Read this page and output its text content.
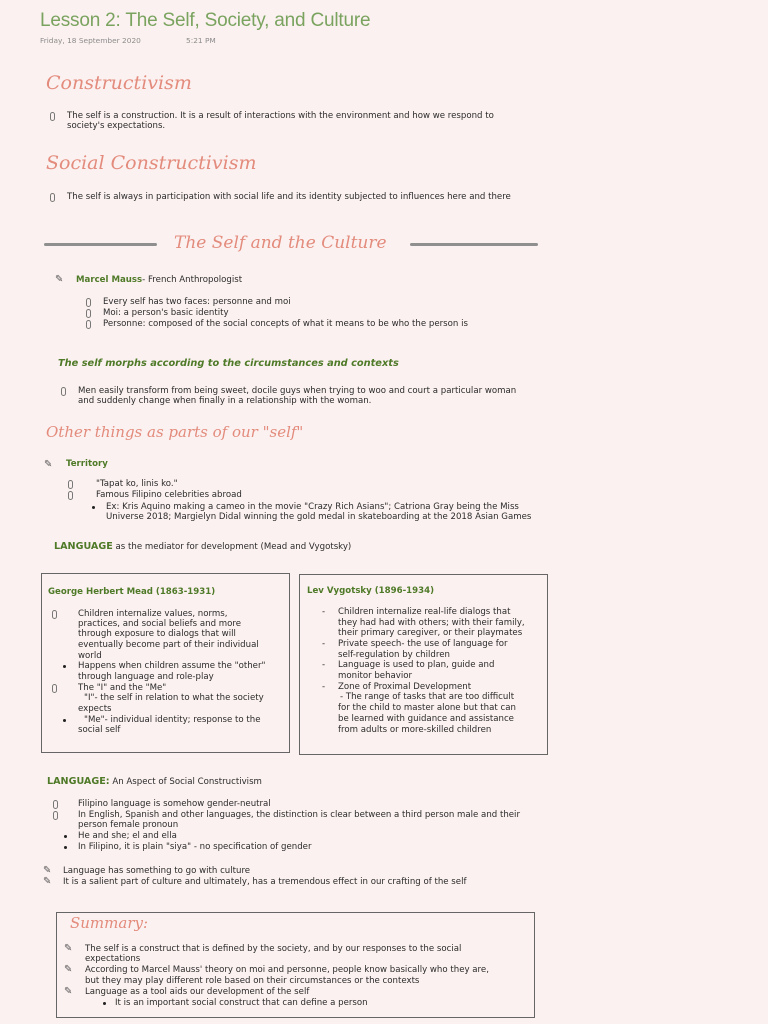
Lesson 2: The Self, Society, and Culture
Friday, 18 September 2020	5:21 PM
Constructivism
The self is a construction. It is a result of interactions with the environment and how we respond to
society's expectations.
Social Constructivism
The self is always in participation with social life and its identity subjected to influences here and there
The Self and the Culture
✎ Marcel Mauss- French Anthropologist
Every self has two faces: personne and moi
Moi: a person's basic identity
Personne: composed of the social concepts of what it means to be who the person is
The self morphs according to the circumstances and contexts
Men easily transform from being sweet, docile guys when trying to woo and court a particular woman
and suddenly change when finally in a relationship with the woman.
Other things as parts of our "self"
✎ Territory
"Tapat ko, linis ko."
Famous Filipino celebrities abroad
Ex: Kris Aquino making a cameo in the movie "Crazy Rich Asians"; Catriona Gray being the Miss
Universe 2018; Margielyn Didal winning the gold medal in skateboarding at the 2018 Asian Games
LANGUAGE as the mediator for development (Mead and Vygotsky)
George Herbert Mead (1863-1931)
Children internalize values, norms,
practices, and social beliefs and more
through exposure to dialogs that will
eventually become part of their individual
world
Happens when children assume the "other"
through language and role-play
The "I" and the "Me"
"I"- the self in relation to what the society
expects
"Me"- individual identity; response to the
social self
Lev Vygotsky (1896-1934)
- Children internalize real-life dialogs that
they had had with others; with their family,
their primary caregiver, or their playmates
- Private speech- the use of language for
self-regulation by children
- Language is used to plan, guide and
monitor behavior
- Zone of Proximal Development
- The range of tasks that are too difficult
for the child to master alone but that can
be learned with guidance and assistance
from adults or more-skilled children
LANGUAGE: An Aspect of Social Constructivism
Filipino language is somehow gender-neutral
In English, Spanish and other languages, the distinction is clear between a third person male and their
person female pronoun
He and she; el and ella
In Filipino, it is plain "siya" - no specification of gender
✎ Language has something to go with culture
✎ It is a salient part of culture and ultimately, has a tremendous effect in our crafting of the self
Summary:
✎ The self is a construct that is defined by the society, and by our responses to the social
expectations
✎ According to Marcel Mauss' theory on moi and personne, people know basically who they are,
but they may play different role based on their circumstances or the contexts
✎ Language as a tool aids our development of the self
It is an important social construct that can define a person
